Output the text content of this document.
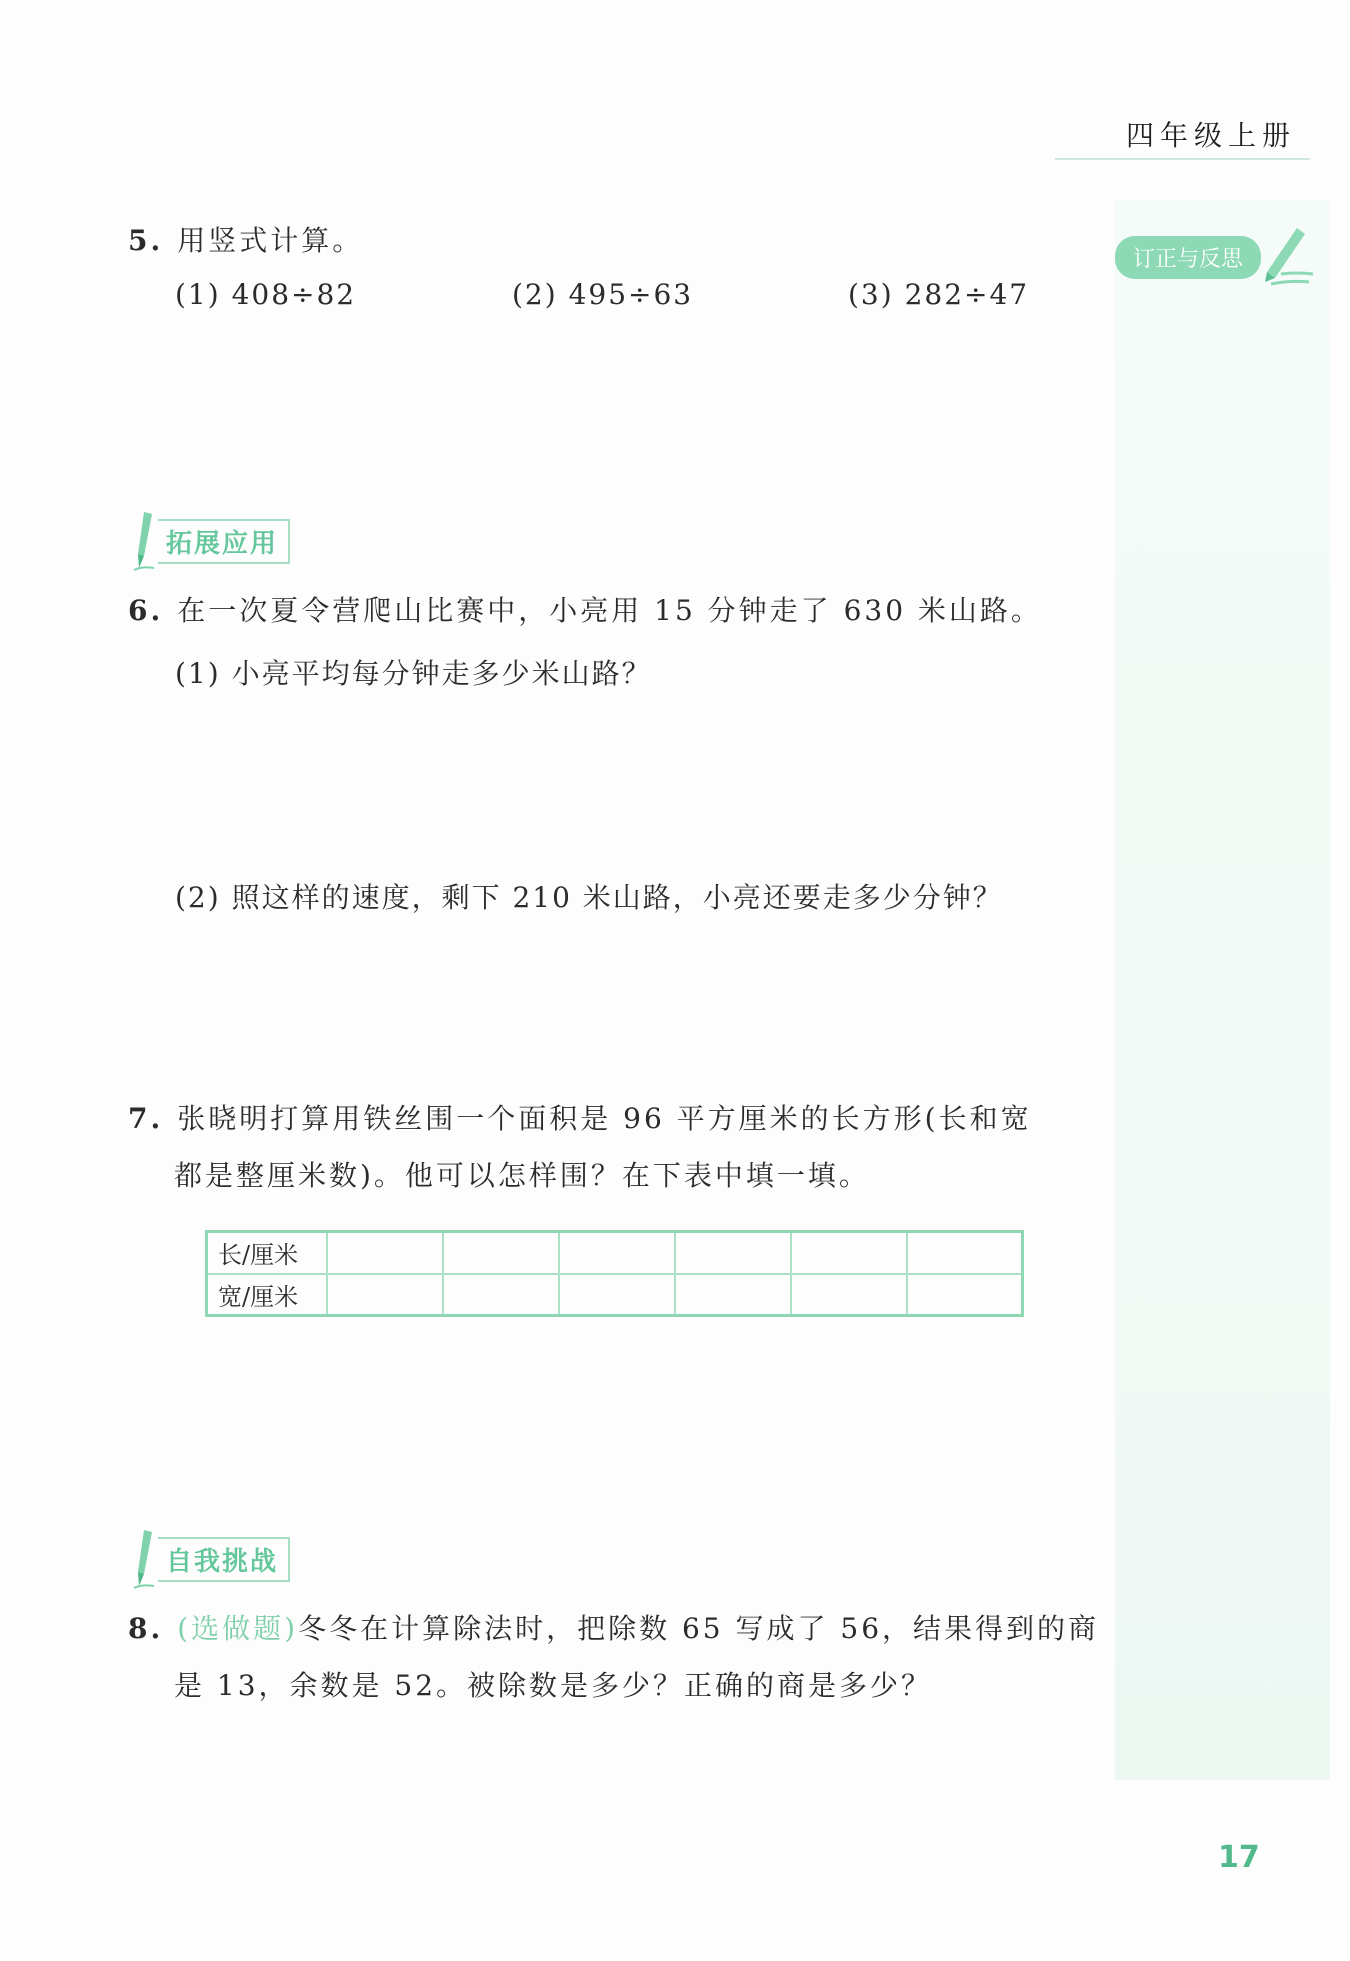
四年级上册
订正与反思
5. 用竖式计算。
(1) 408÷82	(2) 495÷63	(3) 282÷47
拓展应用
6. 在一次夏令营爬山比赛中，小亮用 15 分钟走了 630 米山路。
(1) 小亮平均每分钟走多少米山路？
(2) 照这样的速度，剩下 210 米山路，小亮还要走多少分钟？
7. 张晓明打算用铁丝围一个面积是 96 平方厘米的长方形(长和宽
都是整厘米数)。他可以怎样围？在下表中填一填。
长/厘米						
宽/厘米						
自我挑战
8. (选做题)冬冬在计算除法时，把除数 65 写成了 56，结果得到的商
是 13，余数是 52。被除数是多少？正确的商是多少？
17
